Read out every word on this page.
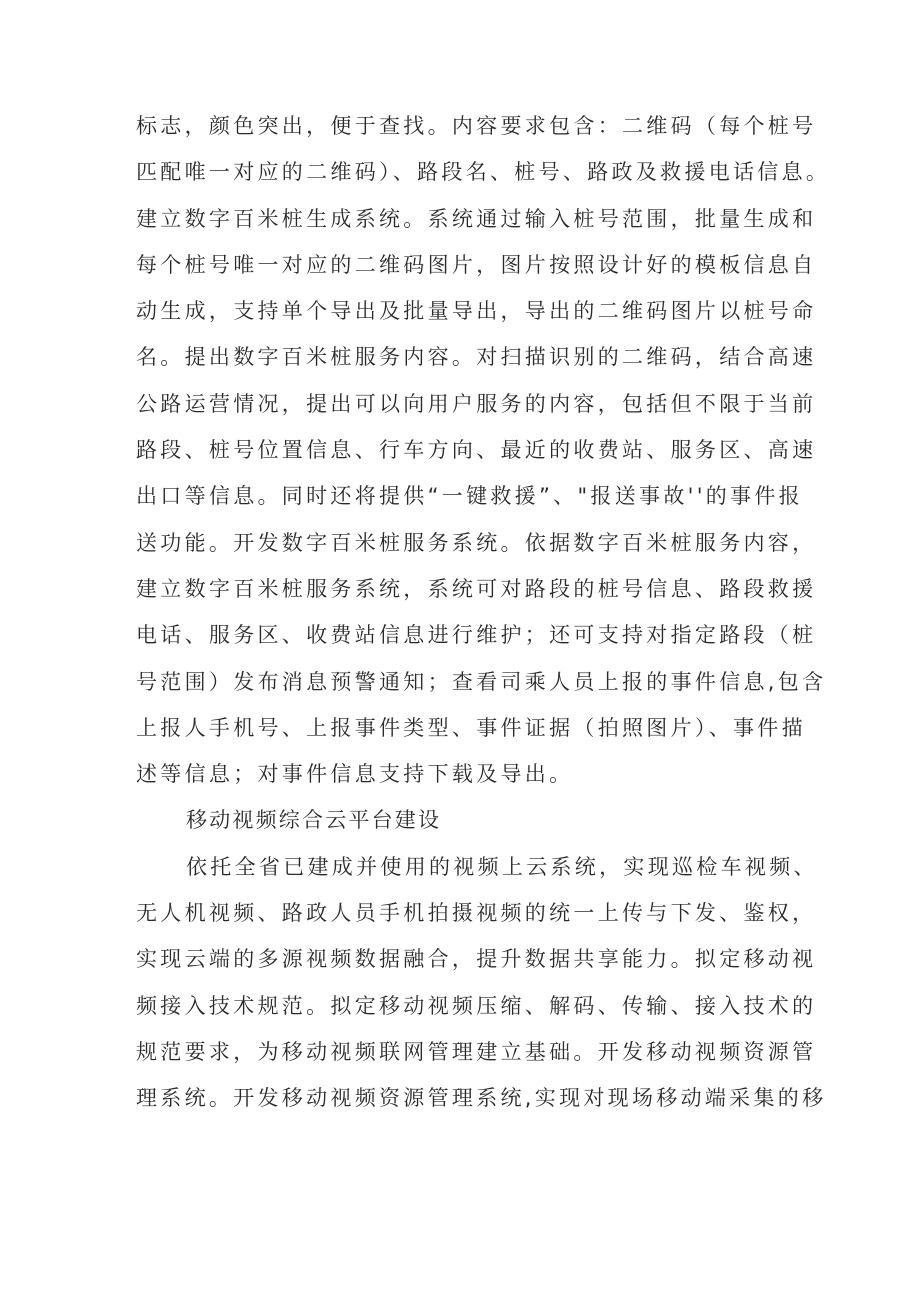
标志，颜色突出，便于查找。内容要求包含：二维码（每个桩号
匹配唯一对应的二维码）、路段名、桩号、路政及救援电话信息。
建立数字百米桩生成系统。系统通过输入桩号范围，批量生成和
每个桩号唯一对应的二维码图片，图片按照设计好的模板信息自
动生成，支持单个导出及批量导出，导出的二维码图片以桩号命
名。提出数字百米桩服务内容。对扫描识别的二维码，结合高速
公路运营情况，提出可以向用户服务的内容，包括但不限于当前
路段、桩号位置信息、行车方向、最近的收费站、服务区、高速
出口等信息。同时还将提供“一键救援”、"报送事故''的事件报
送功能。开发数字百米桩服务系统。依据数字百米桩服务内容，
建立数字百米桩服务系统，系统可对路段的桩号信息、路段救援
电话、服务区、收费站信息进行维护；还可支持对指定路段（桩
号范围）发布消息预警通知；查看司乘人员上报的事件信息,包含
上报人手机号、上报事件类型、事件证据（拍照图片）、事件描
述等信息；对事件信息支持下载及导出。
移动视频综合云平台建设
依托全省已建成并使用的视频上云系统，实现巡检车视频、
无人机视频、路政人员手机拍摄视频的统一上传与下发、鉴权，
实现云端的多源视频数据融合，提升数据共享能力。拟定移动视
频接入技术规范。拟定移动视频压缩、解码、传输、接入技术的
规范要求，为移动视频联网管理建立基础。开发移动视频资源管
理系统。开发移动视频资源管理系统,实现对现场移动端采集的移
